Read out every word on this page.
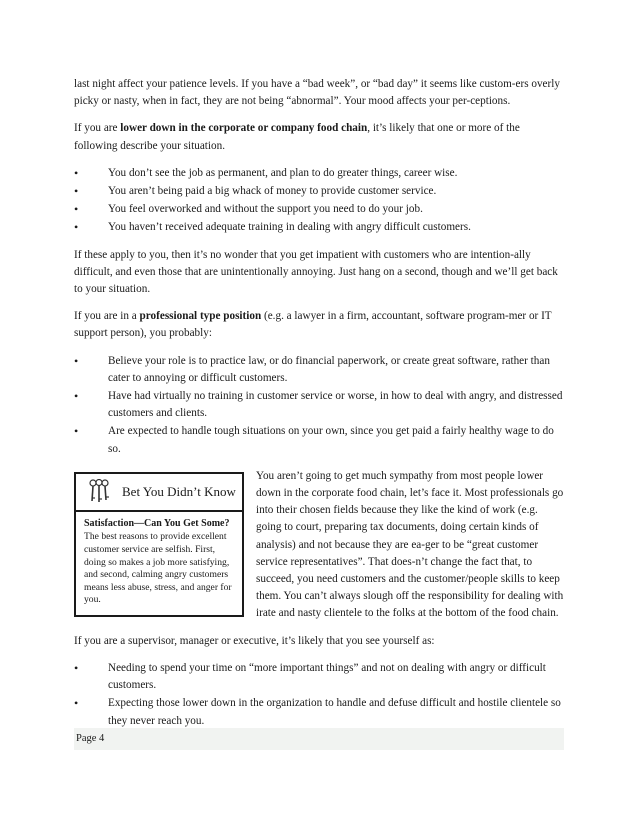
last night affect your patience levels. If you have a “bad week”, or “bad day” it seems like custom-ers overly picky or nasty, when in fact, they are not being “abnormal”. Your mood affects your per-ceptions.

If you are lower down in the corporate or company food chain, it’s likely that one or more of the following describe your situation.

•	You don’t see the job as permanent, and plan to do greater things, career wise.
•	You aren’t being paid a big whack of money to provide customer service.
•	You feel overworked and without the support you need to do your job.
•	You haven’t received adequate training in dealing with angry difficult customers.

If these apply to you, then it’s no wonder that you get impatient with customers who are intention-ally difficult, and even those that are unintentionally annoying. Just hang on a second, though and we’ll get back to your situation.

If you are in a professional type position (e.g. a lawyer in a firm, accountant, software program-mer or IT support person), you probably:

•	Believe your role is to practice law, or do financial paperwork, or create great software, rather than cater to annoying or difficult customers.
•	Have had virtually no training in customer service or worse, in how to deal with angry, and distressed customers and clients.
•	Are expected to handle tough situations on your own, since you get paid a fairly healthy wage to do so.
Bet You Didn’t Know
Satisfaction—Can You Get Some?
The best reasons to provide excellent customer service are selfish. First, doing so makes a job more satisfying, and second, calming angry customers means less abuse, stress, and anger for you.
You aren’t going to get much sympathy from most people lower down in the corporate food chain, let’s face it. Most professionals go into their chosen fields because they like the kind of work (e.g. going to court, preparing tax documents, doing certain kinds of analysis) and not because they are ea-ger to be “great customer service representatives”. That does-n’t change the fact that, to succeed, you need customers and the customer/people skills to keep them. You can’t always slough off the responsibility for dealing with irate and nasty clientele to the folks at the bottom of the food chain.

If you are a supervisor, manager or executive, it’s likely that you see yourself as:

•	Needing to spend your time on “more important things” and not on dealing with angry or difficult customers.
•	Expecting those lower down in the organization to handle and defuse difficult and hostile clientele so they never reach you.
Page 4
